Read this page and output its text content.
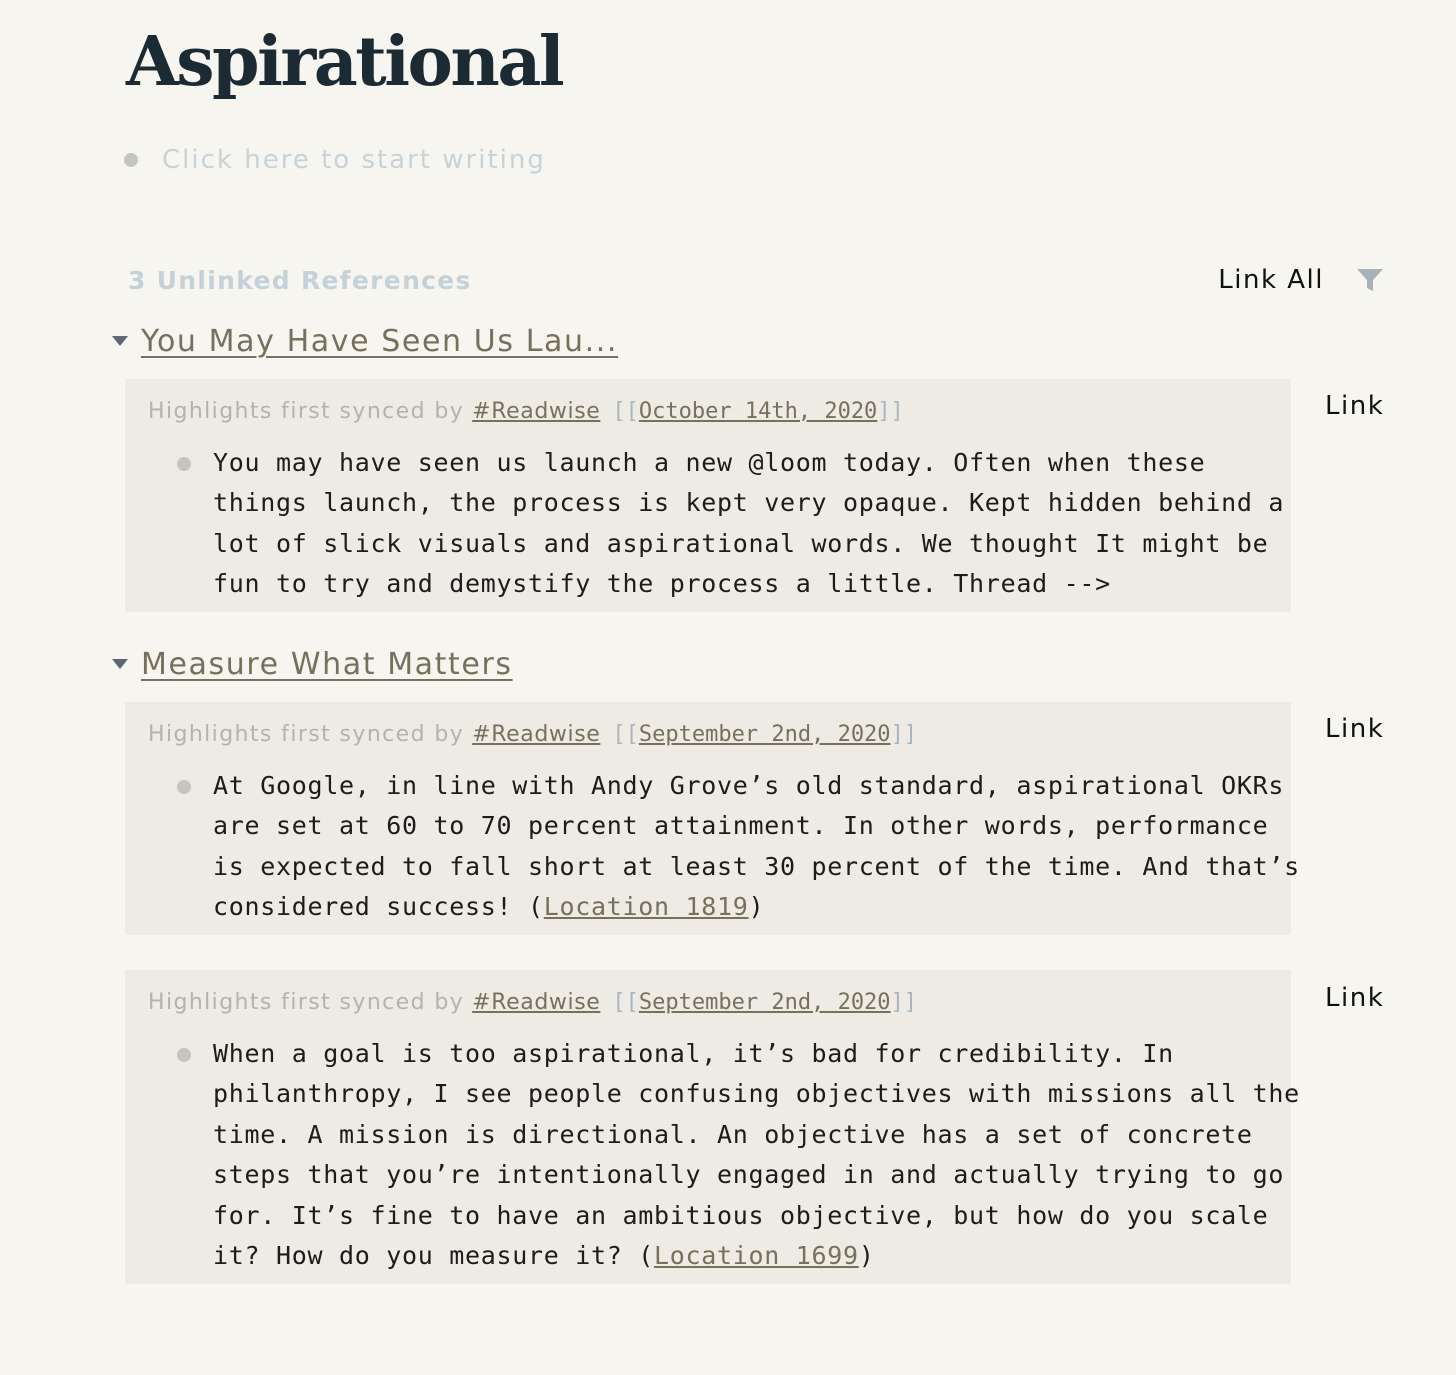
Aspirational
Click here to start writing
3 Unlinked References	Link All
You May Have Seen Us Lau...
Highlights first synced by #Readwise [[October 14th, 2020]]
You may have seen us launch a new @loom today. Often when these
things launch, the process is kept very opaque. Kept hidden behind a
lot of slick visuals and aspirational words. We thought It might be
fun to try and demystify the process a little. Thread -->
Link
Measure What Matters
Highlights first synced by #Readwise [[September 2nd, 2020]]
At Google, in line with Andy Grove’s old standard, aspirational OKRs
are set at 60 to 70 percent attainment. In other words, performance
is expected to fall short at least 30 percent of the time. And that’s
considered success! (Location 1819)
Link
Highlights first synced by #Readwise [[September 2nd, 2020]]
When a goal is too aspirational, it’s bad for credibility. In
philanthropy, I see people confusing objectives with missions all the
time. A mission is directional. An objective has a set of concrete
steps that you’re intentionally engaged in and actually trying to go
for. It’s fine to have an ambitious objective, but how do you scale
it? How do you measure it? (Location 1699)
Link
